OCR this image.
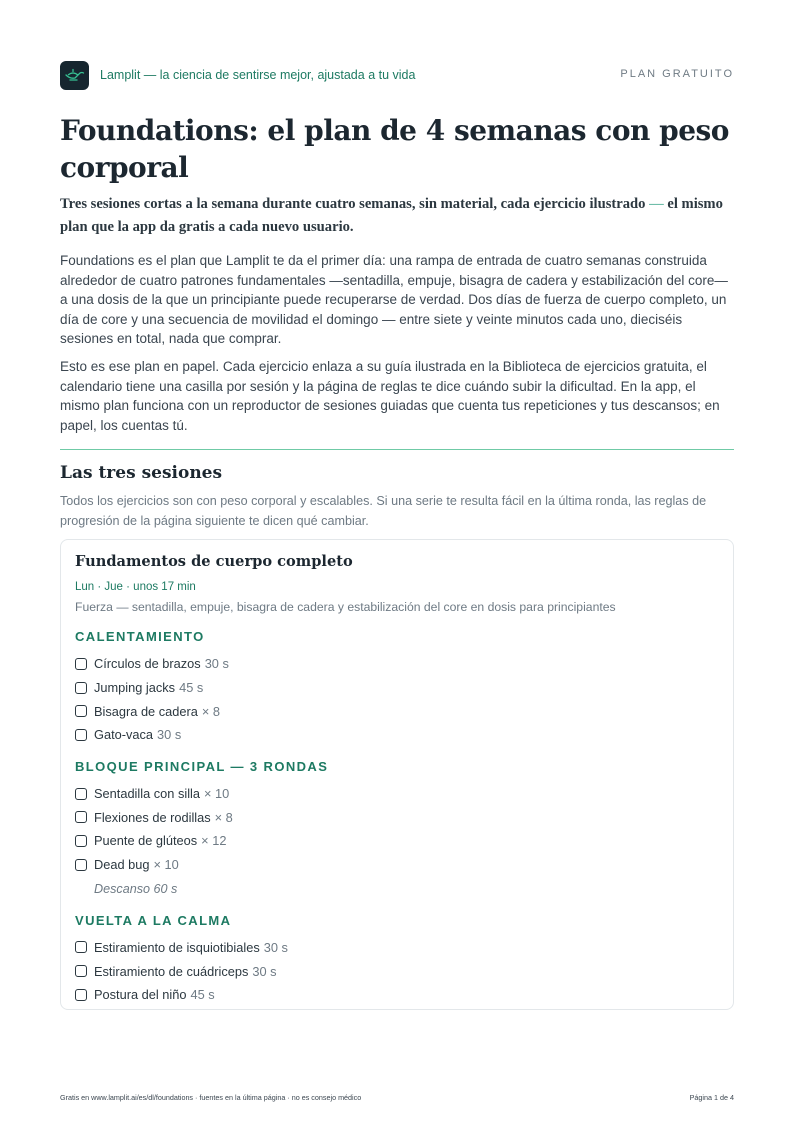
Lamplit — la ciencia de sentirse mejor, ajustada a tu vida	PLAN GRATUITO
Foundations: el plan de 4 semanas con peso corporal
Tres sesiones cortas a la semana durante cuatro semanas, sin material, cada ejercicio ilustrado — el mismo plan que la app da gratis a cada nuevo usuario.

Foundations es el plan que Lamplit te da el primer día: una rampa de entrada de cuatro semanas construida alrededor de cuatro patrones fundamentales —sentadilla, empuje, bisagra de cadera y estabilización del core— a una dosis de la que un principiante puede recuperarse de verdad. Dos días de fuerza de cuerpo completo, un día de core y una secuencia de movilidad el domingo — entre siete y veinte minutos cada uno, dieciséis sesiones en total, nada que comprar.

Esto es ese plan en papel. Cada ejercicio enlaza a su guía ilustrada en la Biblioteca de ejercicios gratuita, el calendario tiene una casilla por sesión y la página de reglas te dice cuándo subir la dificultad. En la app, el mismo plan funciona con un reproductor de sesiones guiadas que cuenta tus repeticiones y tus descansos; en papel, los cuentas tú.

Las tres sesiones
Todos los ejercicios son con peso corporal y escalables. Si una serie te resulta fácil en la última ronda, las reglas de progresión de la página siguiente te dicen qué cambiar.
Fundamentos de cuerpo completo
Lun · Jue · unos 17 min
Fuerza — sentadilla, empuje, bisagra de cadera y estabilización del core en dosis para principiantes
CALENTAMIENTO
Círculos de brazos 30 s
Jumping jacks 45 s
Bisagra de cadera × 8
Gato-vaca 30 s
BLOQUE PRINCIPAL — 3 RONDAS
Sentadilla con silla × 10
Flexiones de rodillas × 8
Puente de glúteos × 12
Dead bug × 10
Descanso 60 s
VUELTA A LA CALMA
Estiramiento de isquiotibiales 30 s
Estiramiento de cuádriceps 30 s
Postura del niño 45 s
Gratis en www.lamplit.ai/es/dl/foundations · fuentes en la última página · no es consejo médico	Página 1 de 4
